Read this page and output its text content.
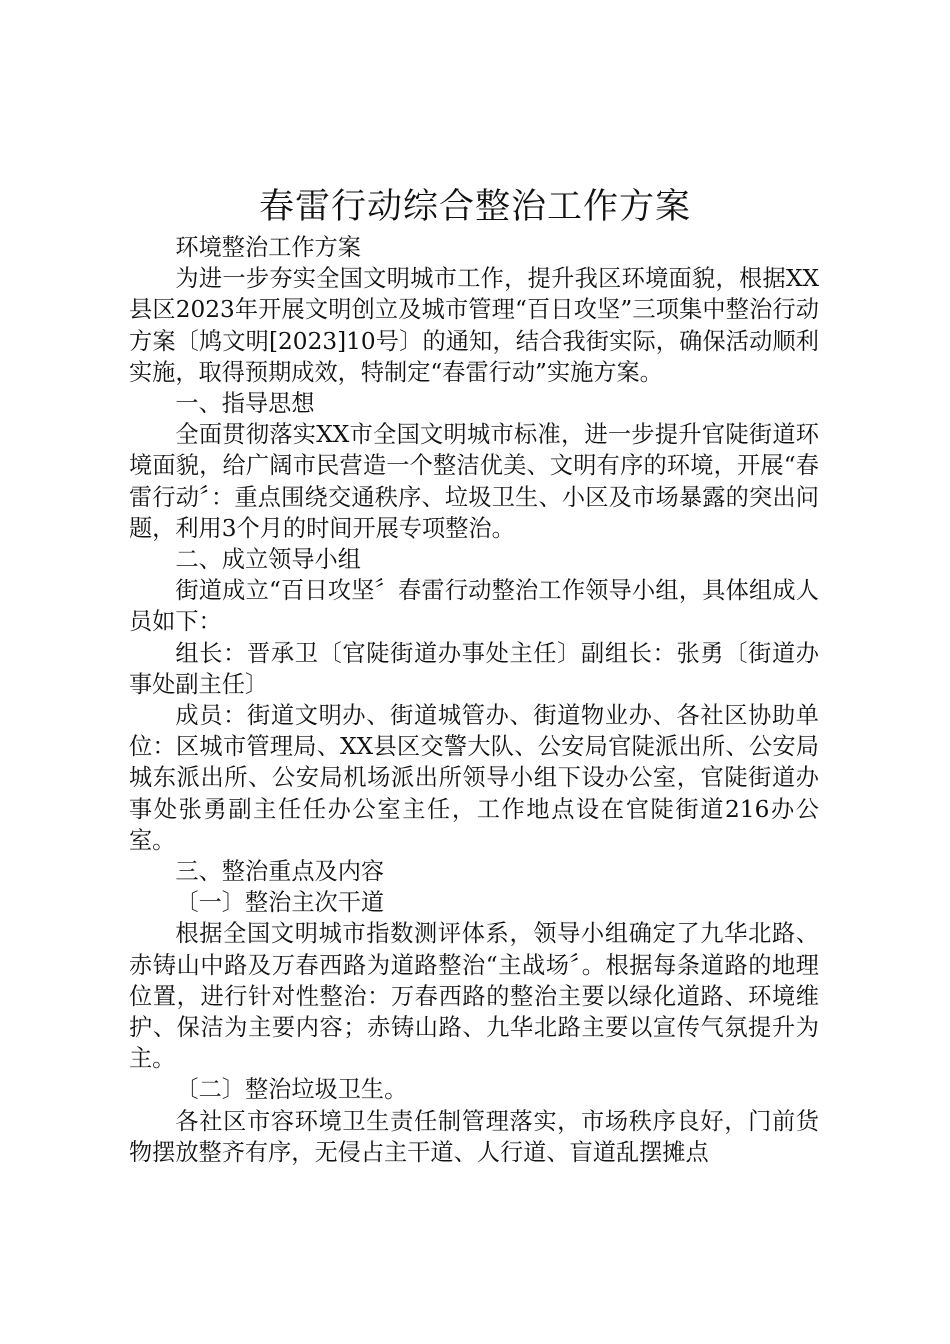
春雷行动综合整治工作方案

环境整治工作方案

为进一步夯实全国文明城市工作，提升我区环境面貌，根据XX县区2023年开展文明创立及城市管理“百日攻坚”三项集中整治行动方案〔鸠文明[2023]10号〕的通知，结合我街实际，确保活动顺利实施，取得预期成效，特制定“春雷行动”实施方案。

一、指导思想

全面贯彻落实XX市全国文明城市标准，进一步提升官陡街道环境面貌，给广阔市民营造一个整洁优美、文明有序的环境，开展“春雷行动〞：重点围绕交通秩序、垃圾卫生、小区及市场暴露的突出问题，利用3个月的时间开展专项整治。

二、成立领导小组

街道成立“百日攻坚〞春雷行动整治工作领导小组，具体组成人员如下：

组长：晋承卫〔官陡街道办事处主任〕副组长：张勇〔街道办事处副主任〕

成员：街道文明办、街道城管办、街道物业办、各社区协助单位：区城市管理局、XX县区交警大队、公安局官陡派出所、公安局城东派出所、公安局机场派出所领导小组下设办公室，官陡街道办事处张勇副主任任办公室主任，工作地点设在官陡街道216办公室。

三、整治重点及内容

〔一〕整治主次干道

根据全国文明城市指数测评体系，领导小组确定了九华北路、赤铸山中路及万春西路为道路整治“主战场〞。根据每条道路的地理位置，进行针对性整治：万春西路的整治主要以绿化道路、环境维护、保洁为主要内容；赤铸山路、九华北路主要以宣传气氛提升为主。

〔二〕整治垃圾卫生。

各社区市容环境卫生责任制管理落实，市场秩序良好，门前货物摆放整齐有序，无侵占主干道、人行道、盲道乱摆摊点
